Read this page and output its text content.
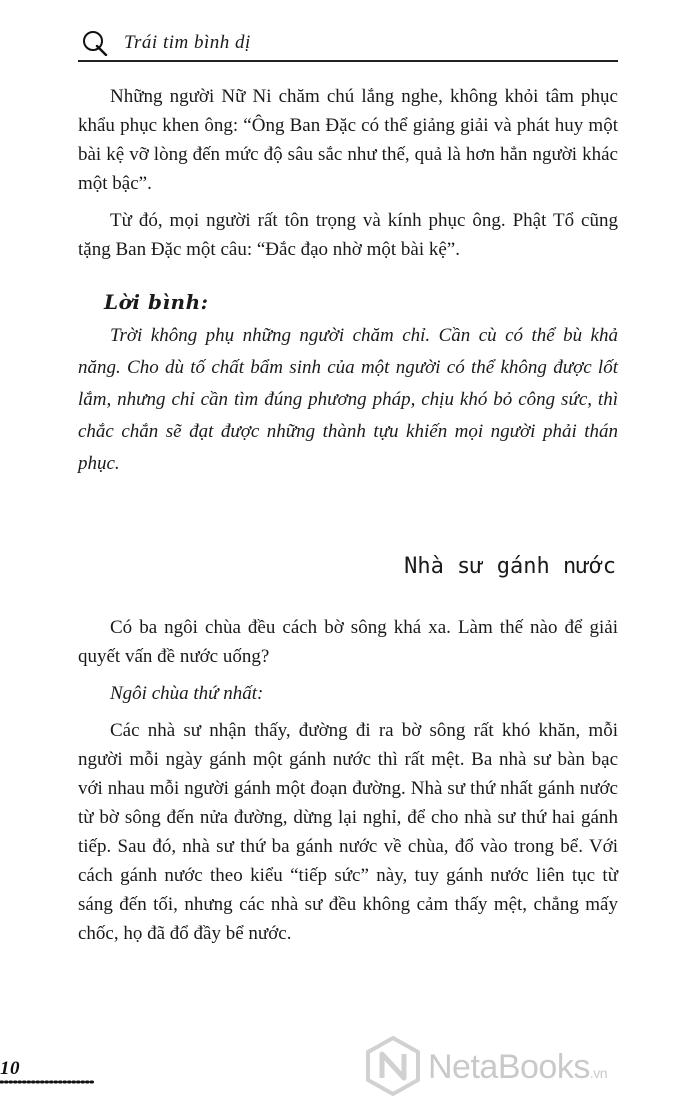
Trái tim bình dị

Những người Nữ Ni chăm chú lắng nghe, không khỏi tâm phục khẩu phục khen ông: “Ông Ban Đặc có thể giảng giải và phát huy một bài kệ vỡ lòng đến mức độ sâu sắc như thế, quả là hơn hẳn người khác một bậc”.

Từ đó, mọi người rất tôn trọng và kính phục ông. Phật Tổ cũng tặng Ban Đặc một câu: “Đắc đạo nhờ một bài kệ”.

Lời bình:

Trời không phụ những người chăm chỉ. Cần cù có thể bù khả năng. Cho dù tố chất bẩm sinh của một người có thể không được lốt lắm, nhưng chỉ cần tìm đúng phương pháp, chịu khó bỏ công sức, thì chắc chắn sẽ đạt được những thành tựu khiến mọi người phải thán phục.

Nhà sư gánh nước

Có ba ngôi chùa đều cách bờ sông khá xa. Làm thế nào để giải quyết vấn đề nước uống?

Ngôi chùa thứ nhất:

Các nhà sư nhận thấy, đường đi ra bờ sông rất khó khăn, mỗi người mỗi ngày gánh một gánh nước thì rất mệt. Ba nhà sư bàn bạc với nhau mỗi người gánh một đoạn đường. Nhà sư thứ nhất gánh nước từ bờ sông đến nửa đường, dừng lại nghỉ, để cho nhà sư thứ hai gánh tiếp. Sau đó, nhà sư thứ ba gánh nước về chùa, đổ vào trong bể. Với cách gánh nước theo kiểu “tiếp sức” này, tuy gánh nước liên tục từ sáng đến tối, nhưng các nhà sư đều không cảm thấy mệt, chẳng mấy chốc, họ đã đổ đầy bể nước.

10	NetaBooks.vn
